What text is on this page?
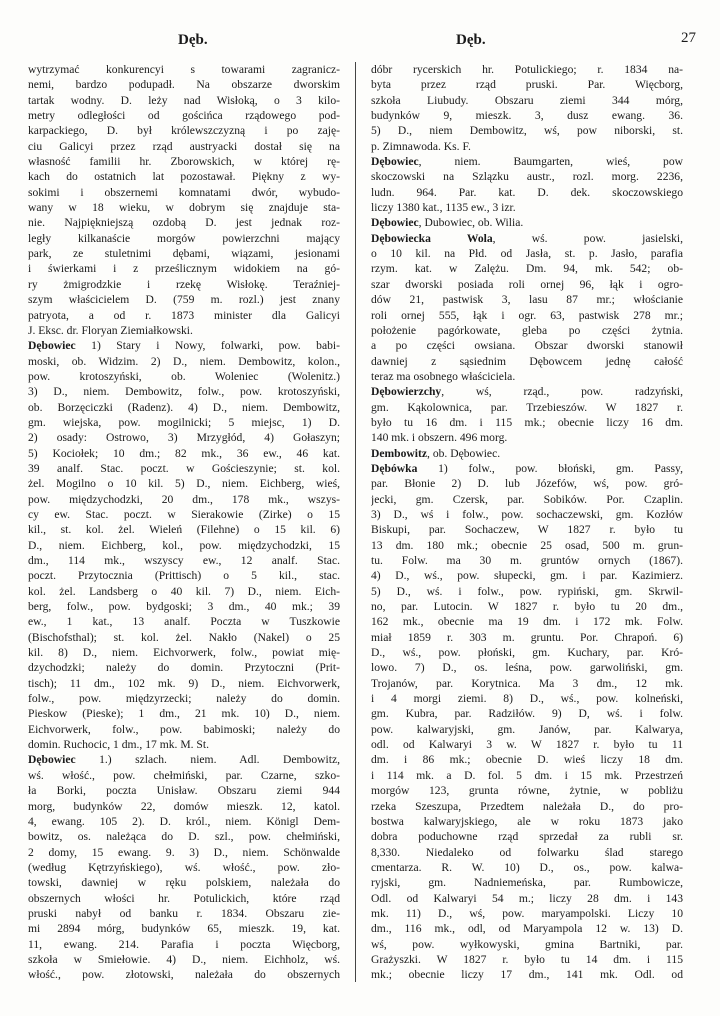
Dęb.	Dęb.	27
wytrzymać konkurencyi s towarami zagranicz-
nemi, bardzo podupadł. Na obszarze dworskim
tartak wodny. D. leży nad Wisłoką, o 3 kilo-
metry odległości od gościńca rządowego pod-
karpackiego, D. był królewszczyzną i po zaję-
ciu Galicyi przez rząd austryacki dostał się na
własność familii hr. Zborowskich, w której rę-
kach do ostatnich lat pozostawał. Piękny z wy-
sokimi i obszernemi komnatami dwór, wybudo-
wany w 18 wieku, w dobrym się znajduje sta-
nie. Najpiękniejszą ozdobą D. jest jednak roz-
legły kilkanaście morgów powierzchni mający
park, ze stuletnimi dębami, wiązami, jesionami
i świerkami i z prześlicznym widokiem na gó-
ry żmigrodzkie i rzekę Wisłokę. Teraźniej-
szym właścicielem D. (759 m. rozl.) jest znany
patryota, a od r. 1873 minister dla Galicyi
J. Eksc. dr. Floryan Ziemiałkowski.
Dębowiec 1) Stary i Nowy, folwarki, pow. babi-
moski, ob. Widzim. 2) D., niem. Dembowitz, kolon.,
pow. krotoszyński, ob. Woleniec (Wolenitz.)
3) D., niem. Dembowitz, folw., pow. krotoszyński,
ob. Borzęciczki (Radenz). 4) D., niem. Dembowitz,
gm. wiejska, pow. mogilnicki; 5 miejsc, 1) D.
2) osady: Ostrowo, 3) Mrzygłód, 4) Gołaszyn;
5) Kociołek; 10 dm.; 82 mk., 36 ew., 46 kat.
39 analf. Stac. poczt. w Gościeszynie; st. kol.
żel. Mogilno o 10 kil. 5) D., niem. Eichberg, wieś,
pow. międzychodzki, 20 dm., 178 mk., wszys-
cy ew. Stac. poczt. w Sierakowie (Zirke) o 15
kil., st. kol. żel. Wieleń (Filehne) o 15 kil. 6)
D., niem. Eichberg, kol., pow. międzychodzki, 15
dm., 114 mk., wszyscy ew., 12 analf. Stac.
poczt. Przytocznia (Prittisch) o 5 kil., stac.
kol. żel. Landsberg o 40 kil. 7) D., niem. Eich-
berg, folw., pow. bydgoski; 3 dm., 40 mk.; 39
ew., 1 kat., 13 analf. Poczta w Tuszkowie
(Bischofsthal); st. kol. żel. Nakło (Nakel) o 25
kil. 8) D., niem. Eichvorwerk, folw., powiat mię-
dzychodzki; należy do domin. Przytoczni (Prit-
tisch); 11 dm., 102 mk. 9) D., niem. Eichvorwerk,
folw., pow. międzyrzecki; należy do domin.
Pieskow (Pieske); 1 dm., 21 mk. 10) D., niem.
Eichvorwerk, folw., pow. babimoski; należy do
domin. Ruchocic, 1 dm., 17 mk. M. St.
Dębowiec 1.) szlach. niem. Adl. Dembowitz,
wś. włość., pow. chełmiński, par. Czarne, szko-
ła Borki, poczta Unisław. Obszaru ziemi 944
morg, budynków 22, domów mieszk. 12, katol.
4, ewang. 105 2). D. król., niem. Königl Dem-
bowitz, os. należąca do D. szl., pow. chełmiński,
2 domy, 15 ewang. 9. 3) D., niem. Schönwalde
(według Kętrzyńskiego), wś. włość., pow. zło-
towski, dawniej w ręku polskiem, należała do
obszernych włości hr. Potulickich, które rząd
pruski nabył od banku r. 1834. Obszaru zie-
mi 2894 mórg, budynków 65, mieszk. 19, kat.
11, ewang. 214. Parafia i poczta Więcborg,
szkoła w Smiełowie. 4) D., niem. Eichholz, wś.
włość., pow. złotowski, należała do obszernych
dóbr rycerskich hr. Potulickiego; r. 1834 na-
byta przez rząd pruski. Par. Więcborg,
szkoła Liubudy. Obszaru ziemi 344 mórg,
budynków 9, mieszk. 3, dusz ewang. 36.
5) D., niem Dembowitz, wś, pow niborski, st.
p. Zimnawoda. Ks. F.
Dębowiec, niem. Baumgarten, wieś, pow
skoczowski na Szlązku austr., rozl. morg. 2236,
ludn. 964. Par. kat. D. dek. skoczowskiego
liczy 1380 kat., 1135 ew., 3 izr.
Dębowiec, Dubowiec, ob. Wilia.
Dębowiecka Wola, wś. pow. jasielski,
o 10 kil. na Płd. od Jasła, st. p. Jasło, parafia
rzym. kat. w Zalężu. Dm. 94, mk. 542; ob-
szar dworski posiada roli ornej 96, łąk i ogro-
dów 21, pastwisk 3, lasu 87 mr.; włościanie
roli ornej 555, łąk i ogr. 63, pastwisk 278 mr.;
położenie pagórkowate, gleba po części żytnia.
a po części owsiana. Obszar dworski stanowił
dawniej z sąsiednim Dębowcem jednę całość
teraz ma osobnego właściciela.
Dębowierzchy, wś, rząd., pow. radzyński,
gm. Kąkolownica, par. Trzebieszów. W 1827 r.
było tu 16 dm. i 115 mk.; obecnie liczy 16 dm.
140 mk. i obszern. 496 morg.
Dembowitz, ob. Dębowiec.
Dębówka 1) folw., pow. błoński, gm. Passy,
par. Błonie 2) D. lub Józefów, wś, pow. gró-
jecki, gm. Czersk, par. Sobików. Por. Czaplin.
3) D., wś i folw., pow. sochaczewski, gm. Kozłów
Biskupi, par. Sochaczew, W 1827 r. było tu
13 dm. 180 mk.; obecnie 25 osad, 500 m. grun-
tu. Folw. ma 30 m. gruntów ornych (1867).
4) D., wś., pow. słupecki, gm. i par. Kazimierz.
5) D., wś. i folw., pow. rypiński, gm. Skrwil-
no, par. Lutocin. W 1827 r. było tu 20 dm.,
162 mk., obecnie ma 19 dm. i 172 mk. Folw.
miał 1859 r. 303 m. gruntu. Por. Chrapoń. 6)
D., wś., pow. płoński, gm. Kuchary, par. Kró-
lowo. 7) D., os. leśna, pow. garwoliński, gm.
Trojanów, par. Korytnica. Ma 3 dm., 12 mk.
i 4 morgi ziemi. 8) D., wś., pow. kolneński,
gm. Kubra, par. Radziłów. 9) D, wś. i folw.
pow. kalwaryjski, gm. Janów, par. Kalwarya,
odl. od Kalwaryi 3 w. W 1827 r. było tu 11
dm. i 86 mk.; obecnie D. wieś liczy 18 dm.
i 114 mk. a D. fol. 5 dm. i 15 mk. Przestrzeń
morgów 123, grunta równe, żytnie, w pobliżu
rzeka Szeszupa, Przedtem należała D., do pro-
bostwa kalwaryjskiego, ale w roku 1873 jako
dobra poduchowne rząd sprzedał za rubli sr.
8,330. Niedaleko od folwarku ślad starego
cmentarza. R. W. 10) D., os., pow. kalwa-
ryjski, gm. Nadniemeńska, par. Rumbowicze,
Odl. od Kalwaryi 54 m.; liczy 28 dm. i 143
mk. 11) D., wś, pow. maryampolski. Liczy 10
dm., 116 mk., odl, od Maryampola 12 w. 13) D.
wś, pow. wyłkowyski, gmina Bartniki, par.
Grażyszki. W 1827 r. było tu 14 dm. i 115
mk.; obecnie liczy 17 dm., 141 mk. Odl. od
